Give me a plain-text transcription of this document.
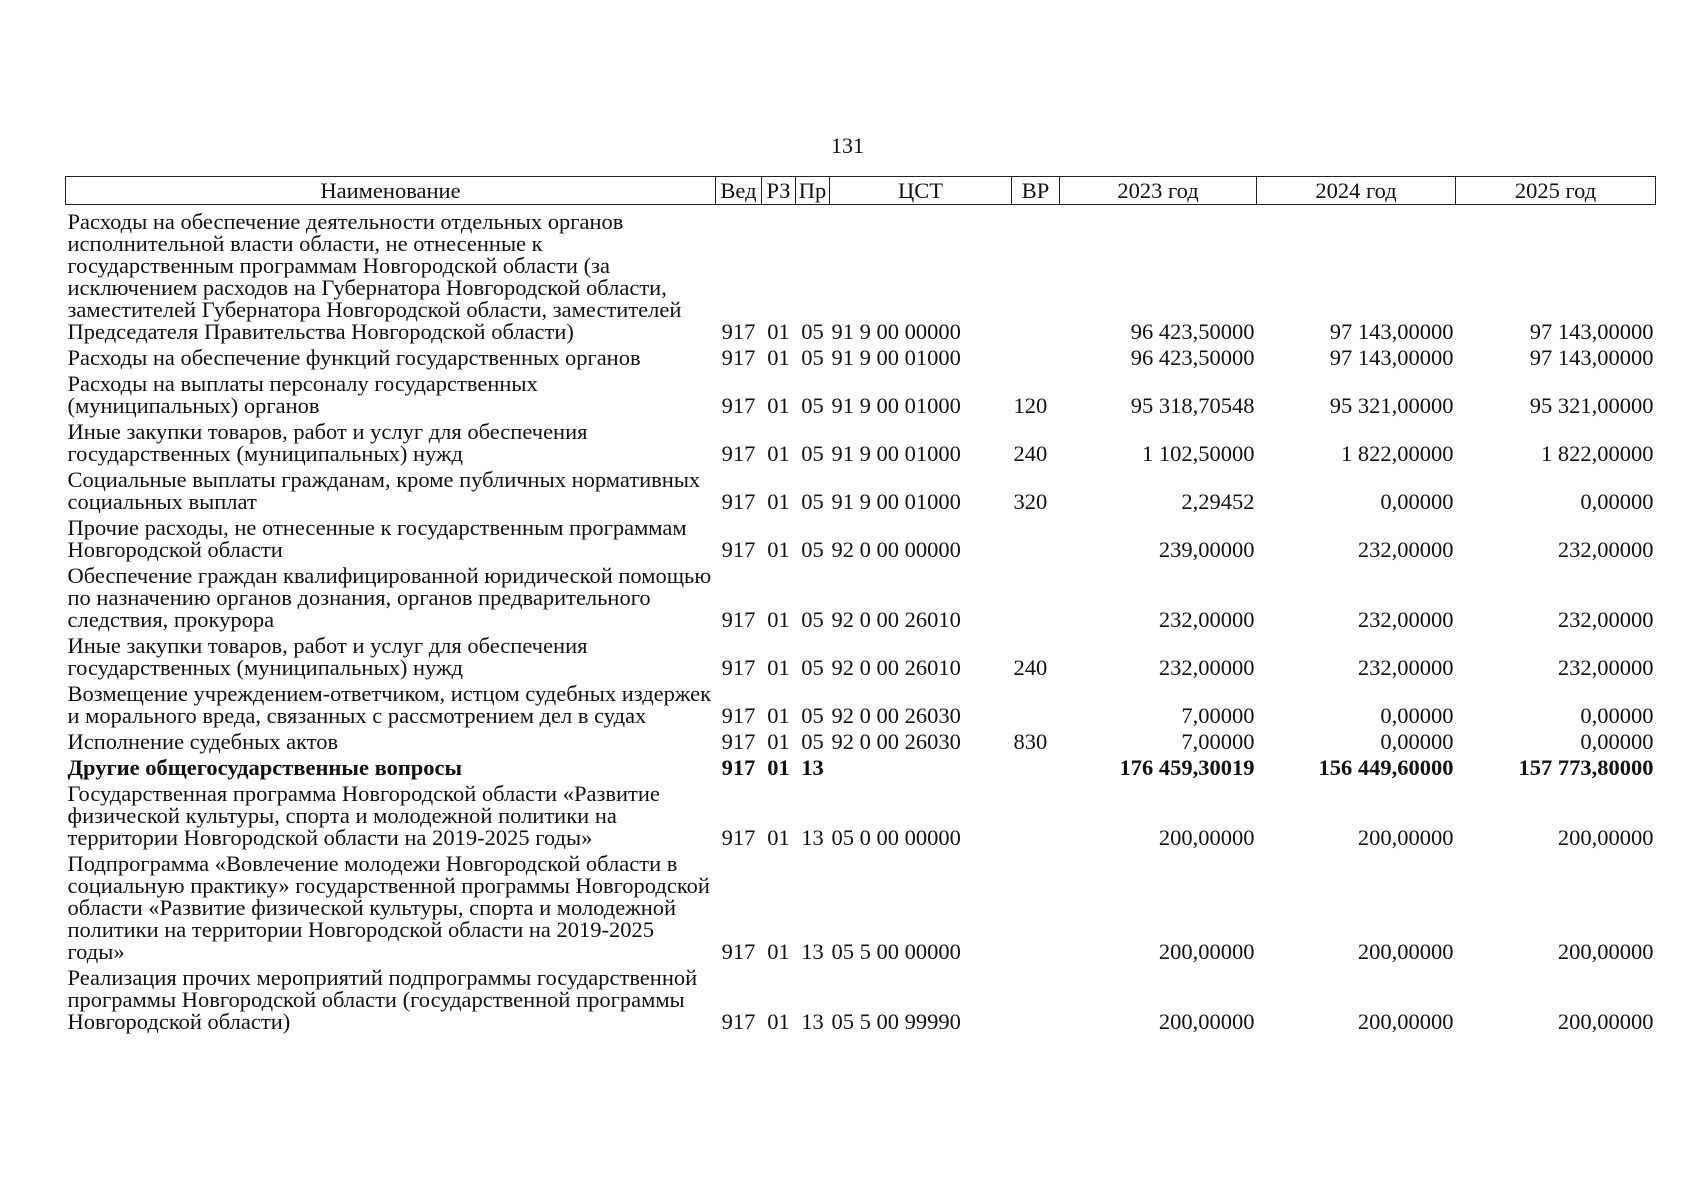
131
Наименование	Вед	РЗ	Пр	ЦСТ	ВР	2023 год	2024 год	2025 год
Расходы на обеспечение деятельности отдельных органов исполнительной власти области, не отнесенные к государственным программам Новгородской области (за исключением расходов на Губернатора Новгородской области, заместителей Губернатора Новгородской области, заместителей Председателя Правительства Новгородской области)	917	01	05	91 9 00 00000		96 423,50000	97 143,00000	97 143,00000
Расходы на обеспечение функций государственных органов	917	01	05	91 9 00 01000		96 423,50000	97 143,00000	97 143,00000
Расходы на выплаты персоналу государственных (муниципальных) органов	917	01	05	91 9 00 01000	120	95 318,70548	95 321,00000	95 321,00000
Иные закупки товаров, работ и услуг для обеспечения государственных (муниципальных) нужд	917	01	05	91 9 00 01000	240	1 102,50000	1 822,00000	1 822,00000
Социальные выплаты гражданам, кроме публичных нормативных социальных выплат	917	01	05	91 9 00 01000	320	2,29452	0,00000	0,00000
Прочие расходы, не отнесенные к государственным программам Новгородской области	917	01	05	92 0 00 00000		239,00000	232,00000	232,00000
Обеспечение граждан квалифицированной юридической помощью по назначению органов дознания, органов предварительного следствия, прокурора	917	01	05	92 0 00 26010		232,00000	232,00000	232,00000
Иные закупки товаров, работ и услуг для обеспечения государственных (муниципальных) нужд	917	01	05	92 0 00 26010	240	232,00000	232,00000	232,00000
Возмещение учреждением-ответчиком, истцом судебных издержек и морального вреда, связанных с рассмотрением дел в судах	917	01	05	92 0 00 26030		7,00000	0,00000	0,00000
Исполнение судебных актов	917	01	05	92 0 00 26030	830	7,00000	0,00000	0,00000
Другие общегосударственные вопросы	917	01	13			176 459,30019	156 449,60000	157 773,80000
Государственная программа Новгородской области «Развитие физической культуры, спорта и молодежной политики на территории Новгородской области на 2019-2025 годы»	917	01	13	05 0 00 00000		200,00000	200,00000	200,00000
Подпрограмма «Вовлечение молодежи Новгородской области в социальную практику» государственной программы Новгородской области «Развитие физической культуры, спорта и молодежной политики на территории Новгородской области на 2019-2025 годы»	917	01	13	05 5 00 00000		200,00000	200,00000	200,00000
Реализация прочих мероприятий подпрограммы государственной программы Новгородской области (государственной программы Новгородской области)	917	01	13	05 5 00 99990		200,00000	200,00000	200,00000
